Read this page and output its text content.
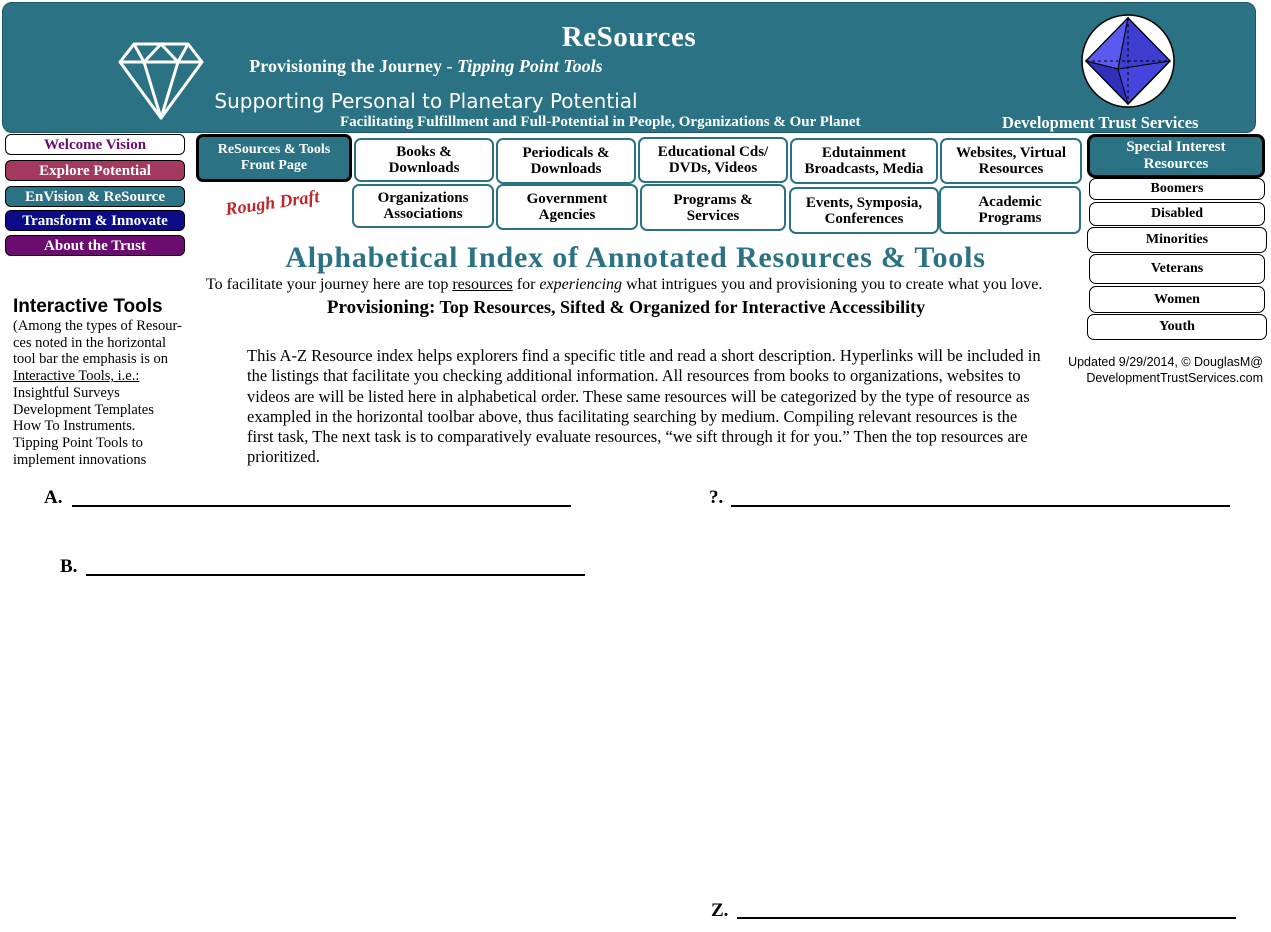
ReSources
Provisioning the Journey - Tipping Point Tools
Supporting Personal to Planetary Potential
Facilitating Fulfillment and Full-Potential in People, Organizations & Our Planet	Development Trust Services
Welcome Vision
Explore Potential
EnVision & ReSource
Transform & Innovate
About the Trust
ReSources & Tools
Front Page
Books &
Downloads
Periodicals &
Downloads
Educational Cds/
DVDs, Videos
Edutainment
Broadcasts, Media
Websites, Virtual
Resources
Organizations
Associations
Government
Agencies
Programs &
Services
Events, Symposia,
Conferences
Academic
Programs
Special Interest
Resources
Boomers
Disabled
Minorities
Veterans
Women
Youth
Rough Draft
Alphabetical Index of Annotated Resources & Tools
To facilitate your journey here are top resources for experiencing what intrigues you and provisioning you to create what you love.
Provisioning: Top Resources, Sifted & Organized for Interactive Accessibility
Interactive Tools
(Among the types of Resour-
ces noted in the horizontal
tool bar the emphasis is on
Interactive Tools, i.e.:
Insightful Surveys
Development Templates
How To Instruments.
Tipping Point Tools to
implement innovations
Updated 9/29/2014, © DouglasM@
DevelopmentTrustServices.com
This A-Z Resource index helps explorers find a specific title and read a short description. Hyperlinks will be included in the listings that facilitate you checking additional information. All resources from books to organizations, websites to videos are will be listed here in alphabetical order. These same resources will be categorized by the type of resource as exampled in the horizontal toolbar above, thus facilitating searching by medium. Compiling relevant resources is the first task, The next task is to comparatively evaluate resources, “we sift through it for you.” Then the top resources are prioritized.
A.	?.
B.
Z.
